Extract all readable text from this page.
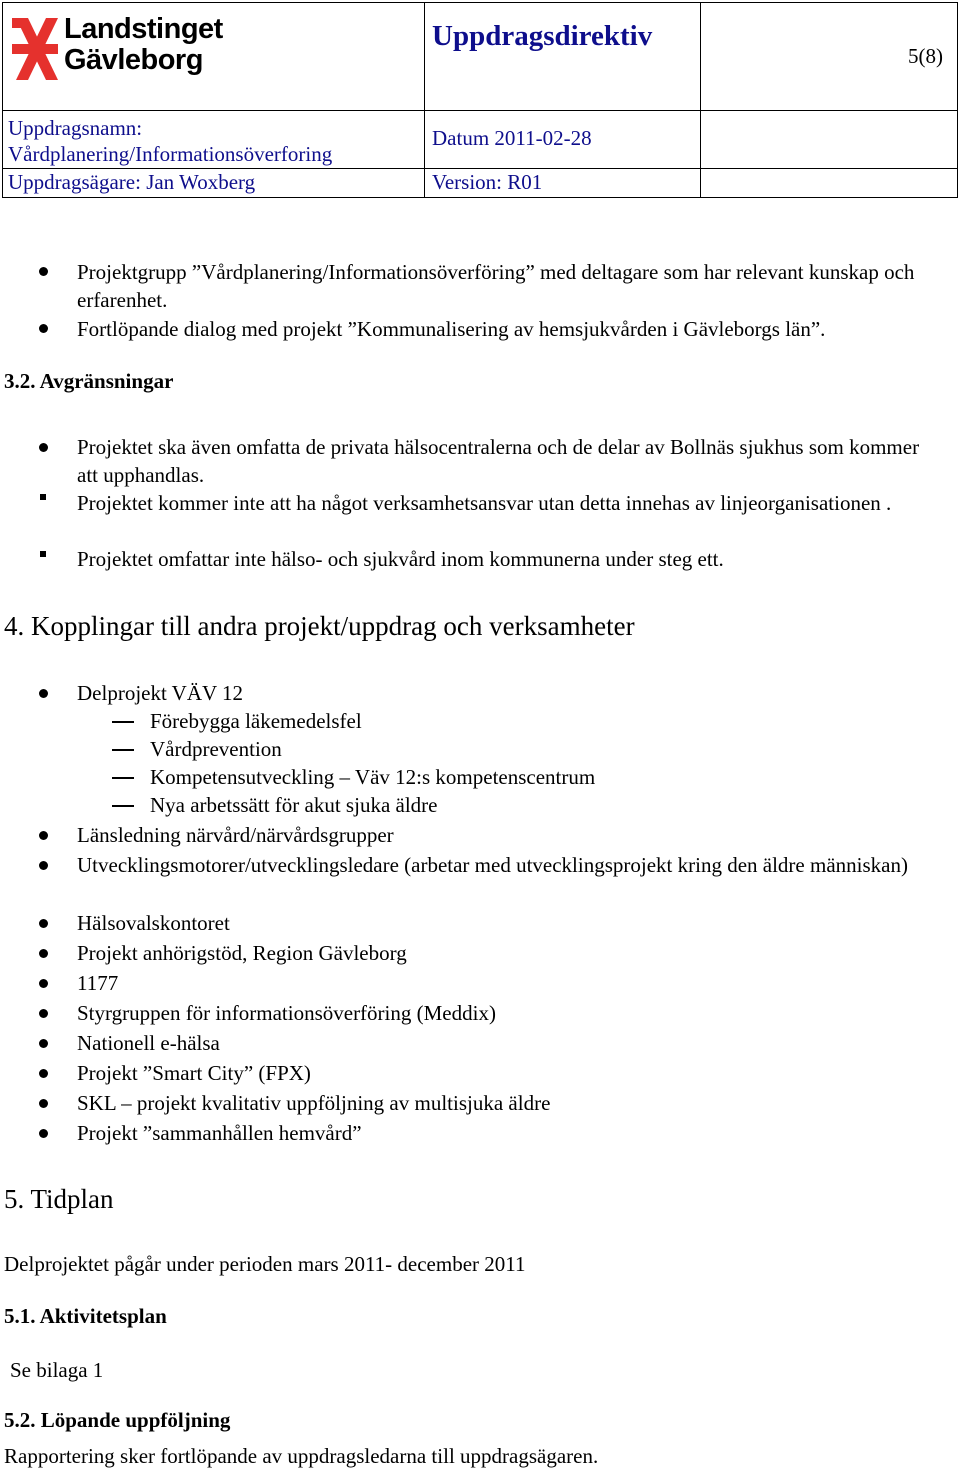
Landstinget
Gävleborg
Uppdragsdirektiv
5(8)
Uppdragsnamn:
Vårdplanering/Informationsöverforing
Datum 2011-02-28
Uppdragsägare: Jan Woxberg	Version: R01
Projektgrupp ”Vårdplanering/Informationsöverföring” med deltagare som har relevant kunskap och erfarenhet.
Fortlöpande dialog med projekt ”Kommunalisering av hemsjukvården i Gävleborgs län”.
3.2. Avgränsningar
Projektet ska även omfatta de privata hälsocentralerna och de delar av Bollnäs sjukhus som kommer att upphandlas.
Projektet kommer inte att ha något verksamhetsansvar utan detta innehas av linjeorganisationen .
Projektet omfattar inte hälso- och sjukvård inom kommunerna under steg ett.
4. Kopplingar till andra projekt/uppdrag och verksamheter
Delprojekt VÄV 12
Förebygga läkemedelsfel
Vårdprevention
Kompetensutveckling – Väv 12:s kompetenscentrum
Nya arbetssätt för akut sjuka äldre
Länsledning närvård/närvårdsgrupper
Utvecklingsmotorer/utvecklingsledare (arbetar med utvecklingsprojekt kring den äldre människan)
Hälsovalskontoret
Projekt anhörigstöd, Region Gävleborg
1177
Styrgruppen för informationsöverföring (Meddix)
Nationell e-hälsa
Projekt ”Smart City” (FPX)
SKL – projekt kvalitativ uppföljning av multisjuka äldre
Projekt ”sammanhållen hemvård”
5. Tidplan
Delprojektet pågår under perioden mars 2011- december 2011
5.1. Aktivitetsplan
Se bilaga 1
5.2. Löpande uppföljning
Rapportering sker fortlöpande av uppdragsledarna till uppdragsägaren.
